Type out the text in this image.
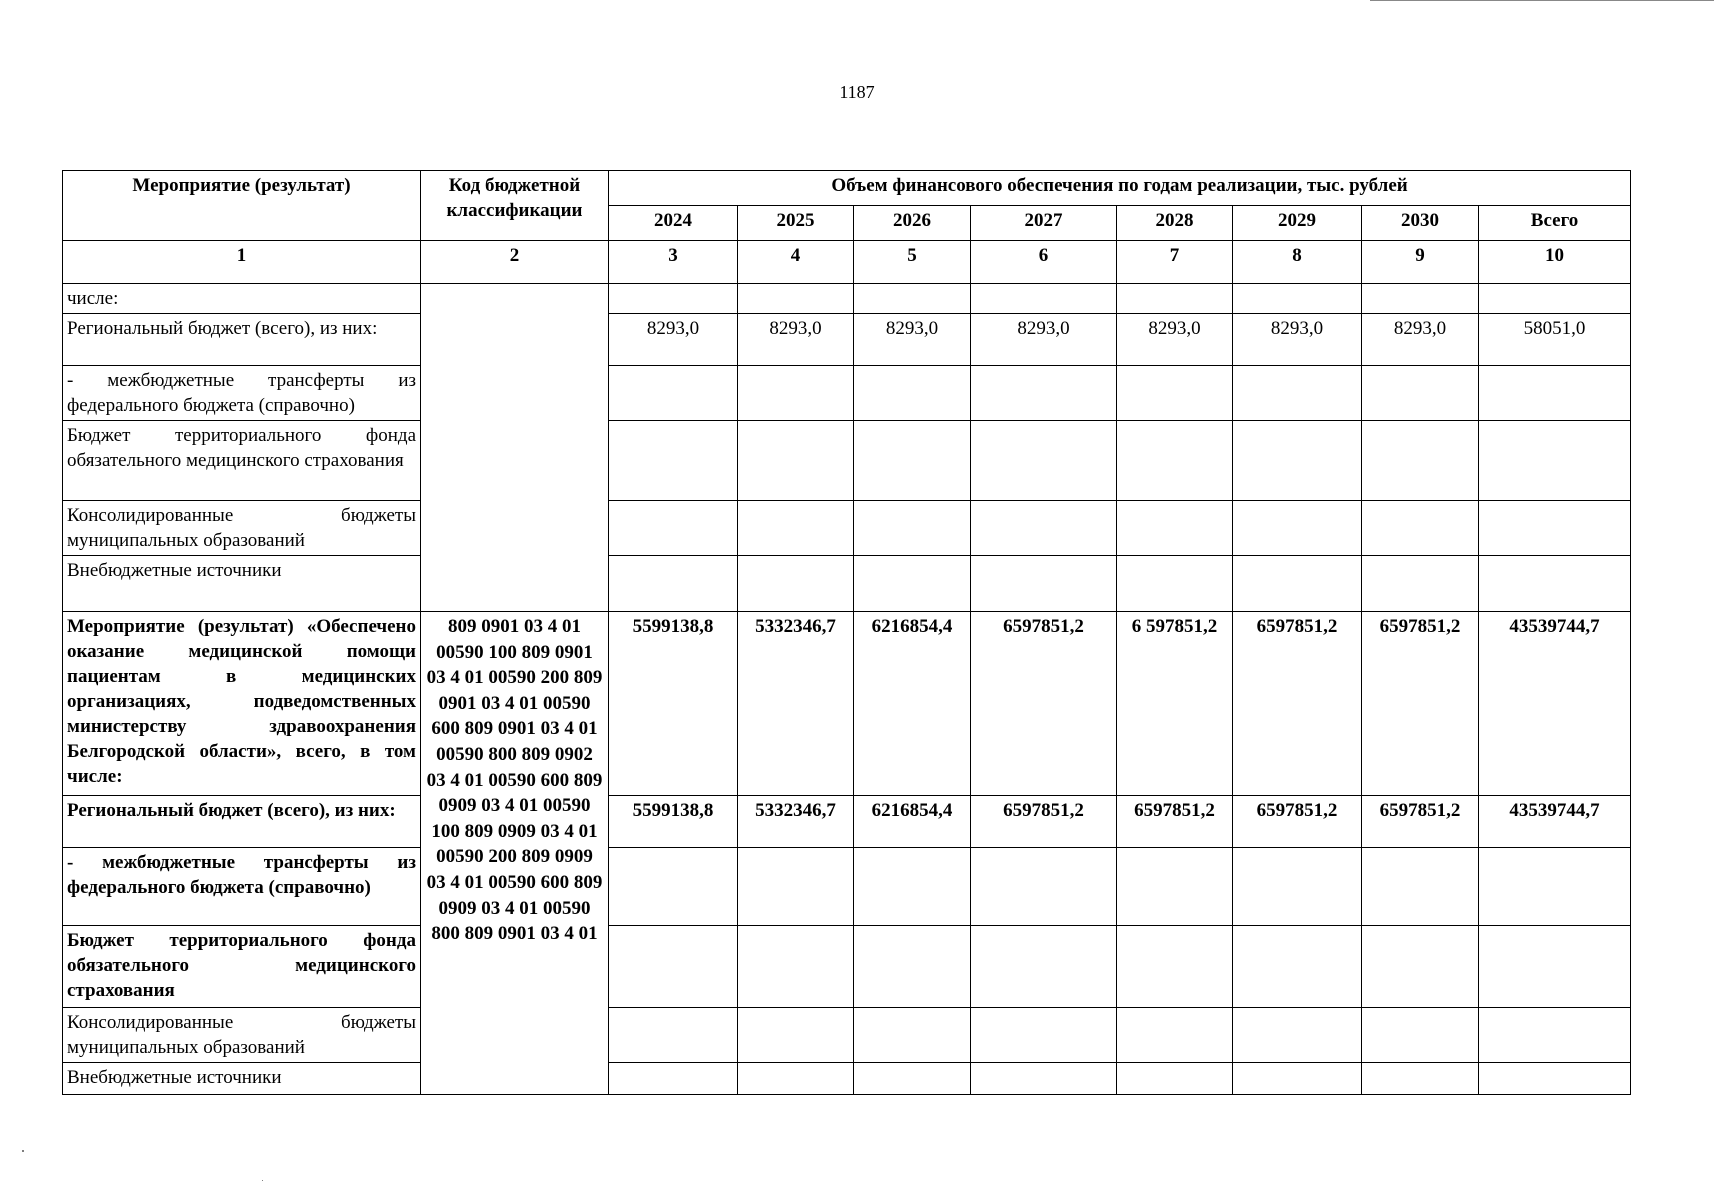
1187
Мероприятие (результат)	Код бюджетной классификации	Объем финансового обеспечения по годам реализации, тыс. рублей							
		2024	2025	2026	2027	2028	2029	2030	Всего
1	2	3	4	5	6	7	8	9	10
числе:									
Региональный бюджет (всего), из них:		8293,0	8293,0	8293,0	8293,0	8293,0	8293,0	8293,0	58051,0
- межбюджетные трансферты из федерального бюджета (справочно)									
Бюджет территориального фонда обязательного медицинского страхования									
Консолидированные бюджеты муниципальных образований									
Внебюджетные источники									
Мероприятие (результат) «Обеспечено оказание медицинской помощи пациентам в медицинских организациях, подведомственных министерству здравоохранения Белгородской области», всего, в том числе:	809 0901 03 4 01 00590 100 809 0901 03 4 01 00590 200 809 0901 03 4 01 00590 600 809 0901 03 4 01 00590 800 809 0902 03 4 01 00590 600 809 0909 03 4 01 00590 100 809 0909 03 4 01 00590 200 809 0909 03 4 01 00590 600 809 0909 03 4 01 00590 800 809 0901 03 4 01	5599138,8	5332346,7	6216854,4	6597851,2	6 597851,2	6597851,2	6597851,2	43539744,7
Региональный бюджет (всего), из них:		5599138,8	5332346,7	6216854,4	6597851,2	6597851,2	6597851,2	6597851,2	43539744,7
- межбюджетные трансферты из федерального бюджета (справочно)									
Бюджет территориального фонда обязательного медицинского страхования									
Консолидированные бюджеты муниципальных образований									
Внебюджетные источники									
